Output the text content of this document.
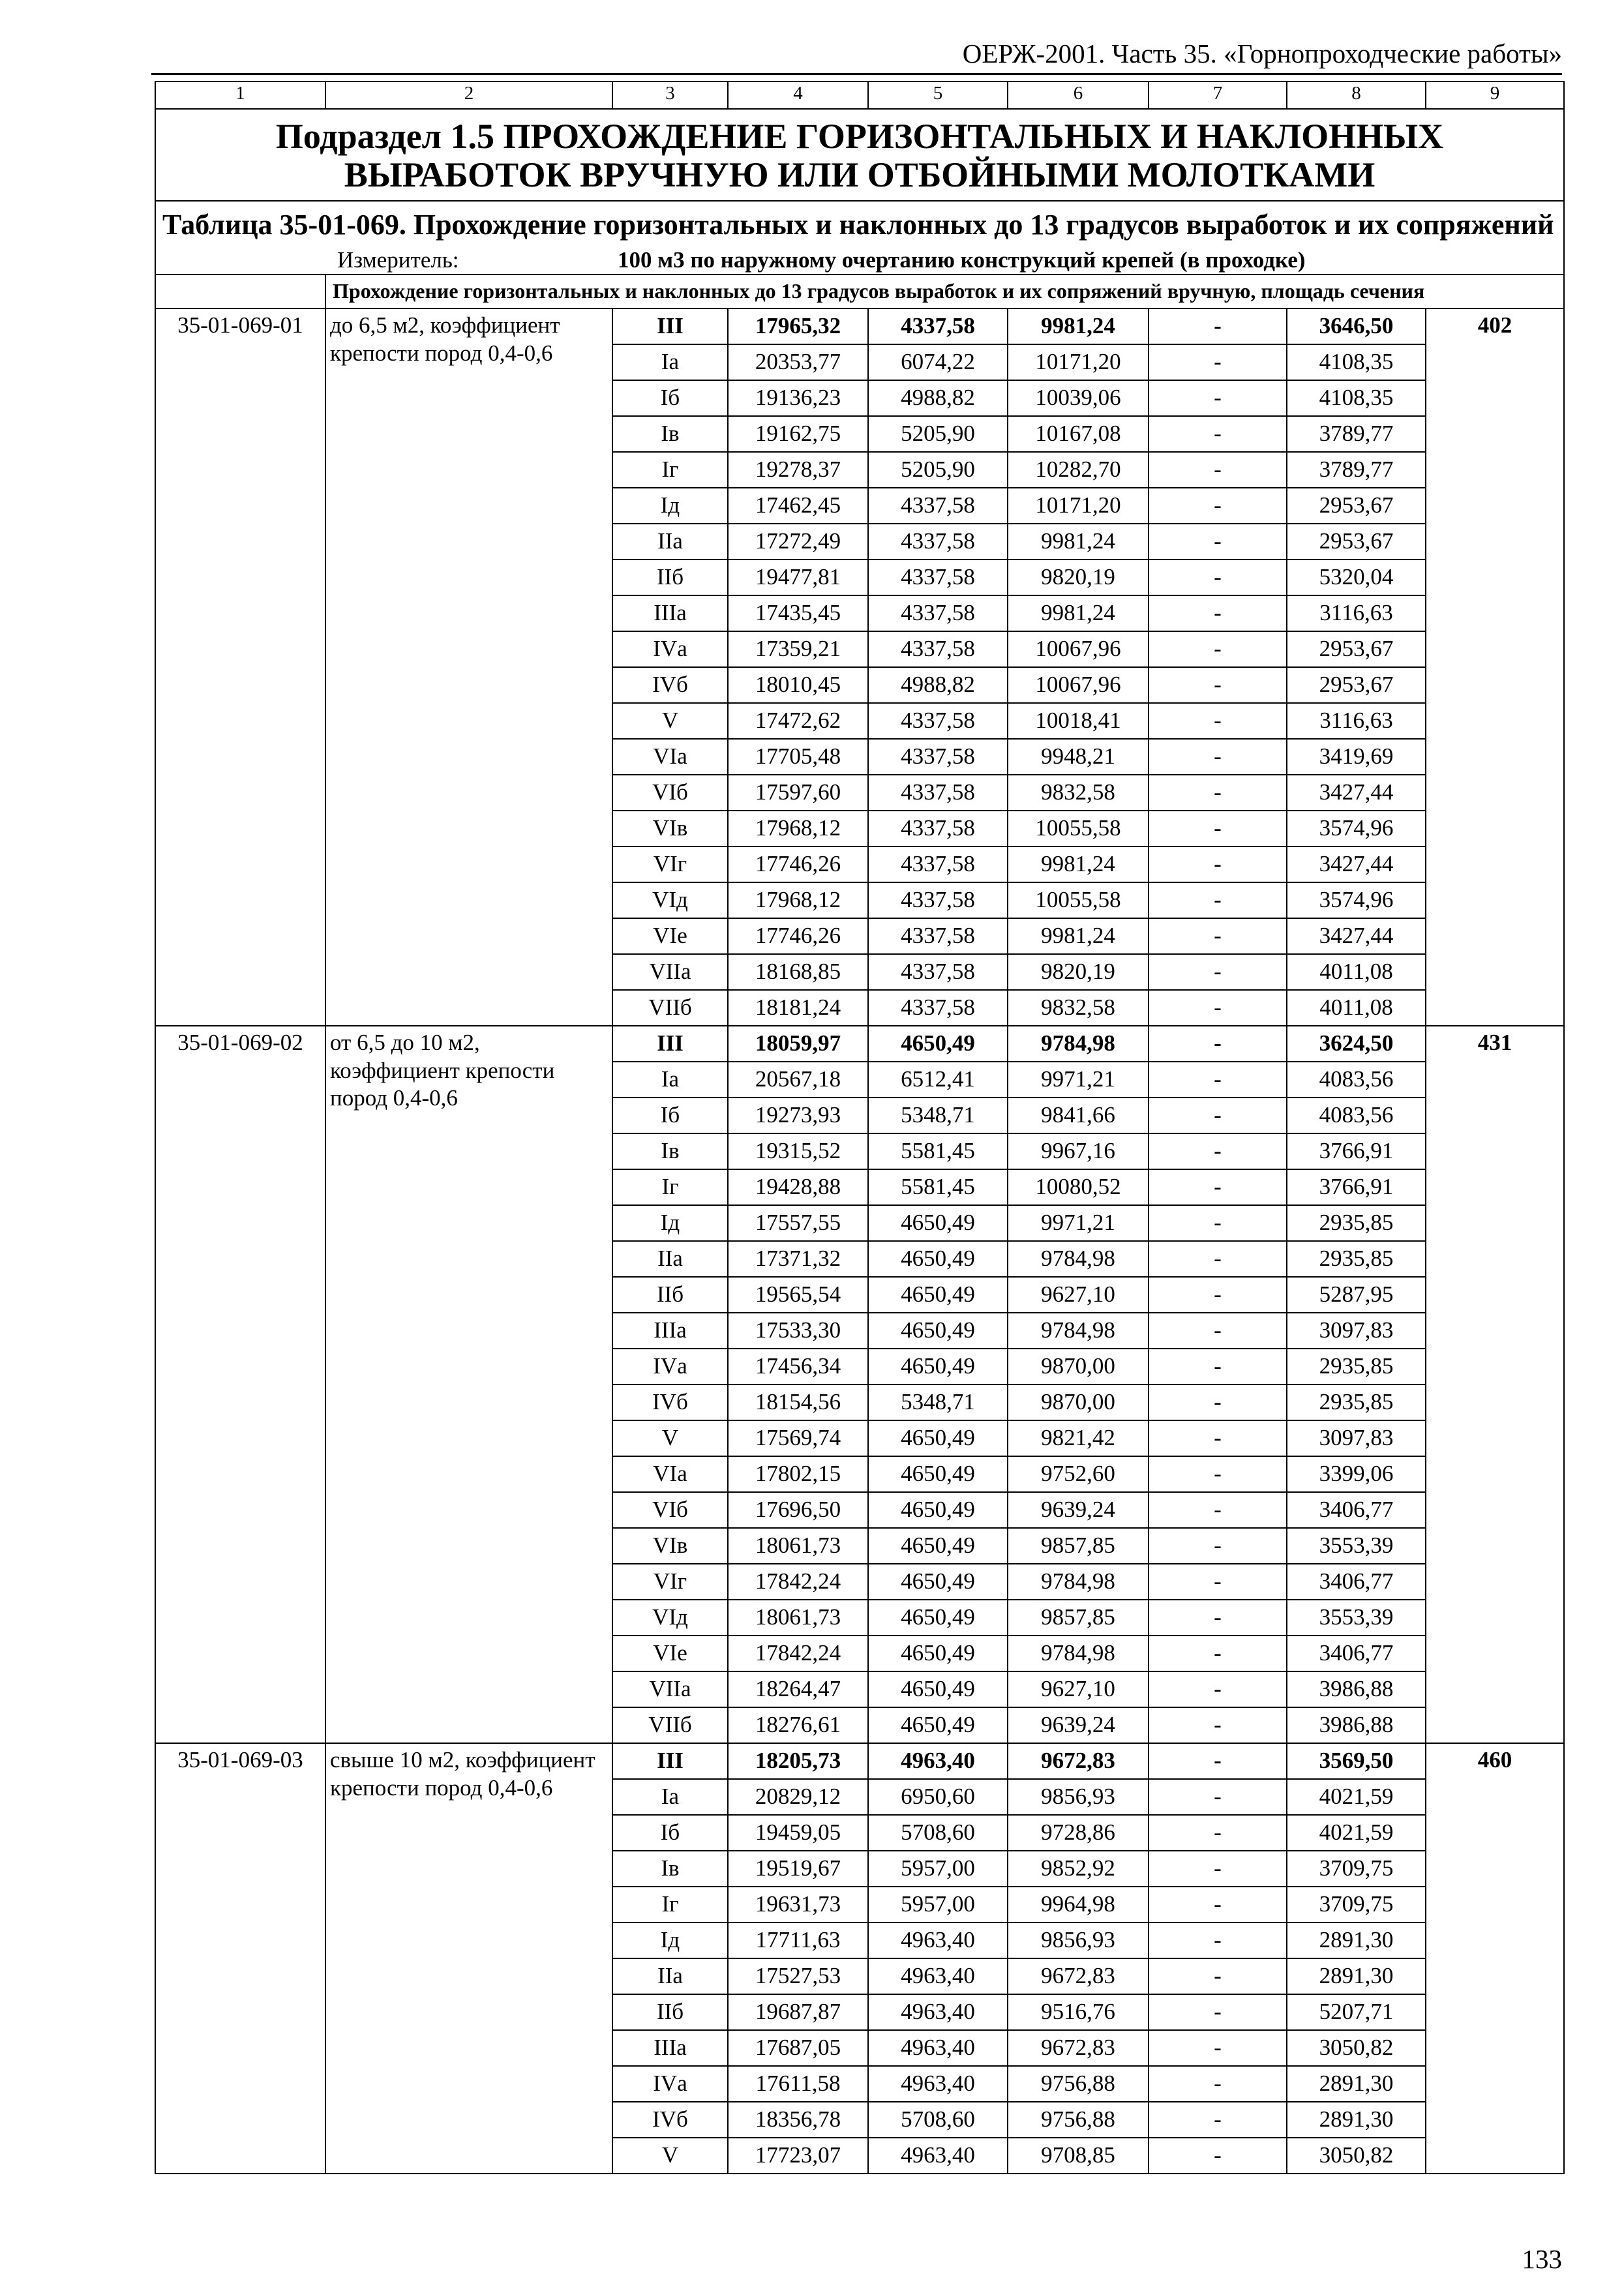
ОЕРЖ-2001. Часть 35. «Горнопроходческие работы»
1	2	3	4	5	6	7	8	9
Подраздел 1.5 ПРОХОЖДЕНИЕ ГОРИЗОНТАЛЬНЫХ И НАКЛОННЫХ ВЫРАБОТОК ВРУЧНУЮ ИЛИ ОТБОЙНЫМИ МОЛОТКАМИ								
Таблица 35-01-069. Прохождение горизонтальных и наклонных до 13 градусов выработок и их сопряжений								
Измеритель:		100 м3 по наружному очертанию конструкций крепей (в проходке)						
	Прохождение горизонтальных и наклонных до 13 градусов выработок и их сопряжений вручную, площадь сечения							
35-01-069-01	до 6,5 м2, коэффициент крепости пород 0,4-0,6	III	17965,32	4337,58	9981,24	-	3646,50	402
		Iа	20353,77	6074,22	10171,20	-	4108,35	
		Iб	19136,23	4988,82	10039,06	-	4108,35	
		Iв	19162,75	5205,90	10167,08	-	3789,77	
		Iг	19278,37	5205,90	10282,70	-	3789,77	
		Iд	17462,45	4337,58	10171,20	-	2953,67	
		IIа	17272,49	4337,58	9981,24	-	2953,67	
		IIб	19477,81	4337,58	9820,19	-	5320,04	
		IIIа	17435,45	4337,58	9981,24	-	3116,63	
		IVа	17359,21	4337,58	10067,96	-	2953,67	
		IVб	18010,45	4988,82	10067,96	-	2953,67	
		V	17472,62	4337,58	10018,41	-	3116,63	
		VIа	17705,48	4337,58	9948,21	-	3419,69	
		VIб	17597,60	4337,58	9832,58	-	3427,44	
		VIв	17968,12	4337,58	10055,58	-	3574,96	
		VIг	17746,26	4337,58	9981,24	-	3427,44	
		VIд	17968,12	4337,58	10055,58	-	3574,96	
		VIе	17746,26	4337,58	9981,24	-	3427,44	
		VIIа	18168,85	4337,58	9820,19	-	4011,08	
		VIIб	18181,24	4337,58	9832,58	-	4011,08	
35-01-069-02	от 6,5 до 10 м2, коэффициент крепости пород 0,4-0,6	III	18059,97	4650,49	9784,98	-	3624,50	431
		Iа	20567,18	6512,41	9971,21	-	4083,56	
		Iб	19273,93	5348,71	9841,66	-	4083,56	
		Iв	19315,52	5581,45	9967,16	-	3766,91	
		Iг	19428,88	5581,45	10080,52	-	3766,91	
		Iд	17557,55	4650,49	9971,21	-	2935,85	
		IIа	17371,32	4650,49	9784,98	-	2935,85	
		IIб	19565,54	4650,49	9627,10	-	5287,95	
		IIIа	17533,30	4650,49	9784,98	-	3097,83	
		IVа	17456,34	4650,49	9870,00	-	2935,85	
		IVб	18154,56	5348,71	9870,00	-	2935,85	
		V	17569,74	4650,49	9821,42	-	3097,83	
		VIа	17802,15	4650,49	9752,60	-	3399,06	
		VIб	17696,50	4650,49	9639,24	-	3406,77	
		VIв	18061,73	4650,49	9857,85	-	3553,39	
		VIг	17842,24	4650,49	9784,98	-	3406,77	
		VIд	18061,73	4650,49	9857,85	-	3553,39	
		VIе	17842,24	4650,49	9784,98	-	3406,77	
		VIIа	18264,47	4650,49	9627,10	-	3986,88	
		VIIб	18276,61	4650,49	9639,24	-	3986,88	
35-01-069-03	свыше 10 м2, коэффициент крепости пород 0,4-0,6	III	18205,73	4963,40	9672,83	-	3569,50	460
		Iа	20829,12	6950,60	9856,93	-	4021,59	
		Iб	19459,05	5708,60	9728,86	-	4021,59	
		Iв	19519,67	5957,00	9852,92	-	3709,75	
		Iг	19631,73	5957,00	9964,98	-	3709,75	
		Iд	17711,63	4963,40	9856,93	-	2891,30	
		IIа	17527,53	4963,40	9672,83	-	2891,30	
		IIб	19687,87	4963,40	9516,76	-	5207,71	
		IIIа	17687,05	4963,40	9672,83	-	3050,82	
		IVа	17611,58	4963,40	9756,88	-	2891,30	
		IVб	18356,78	5708,60	9756,88	-	2891,30	
		V	17723,07	4963,40	9708,85	-	3050,82	
133
